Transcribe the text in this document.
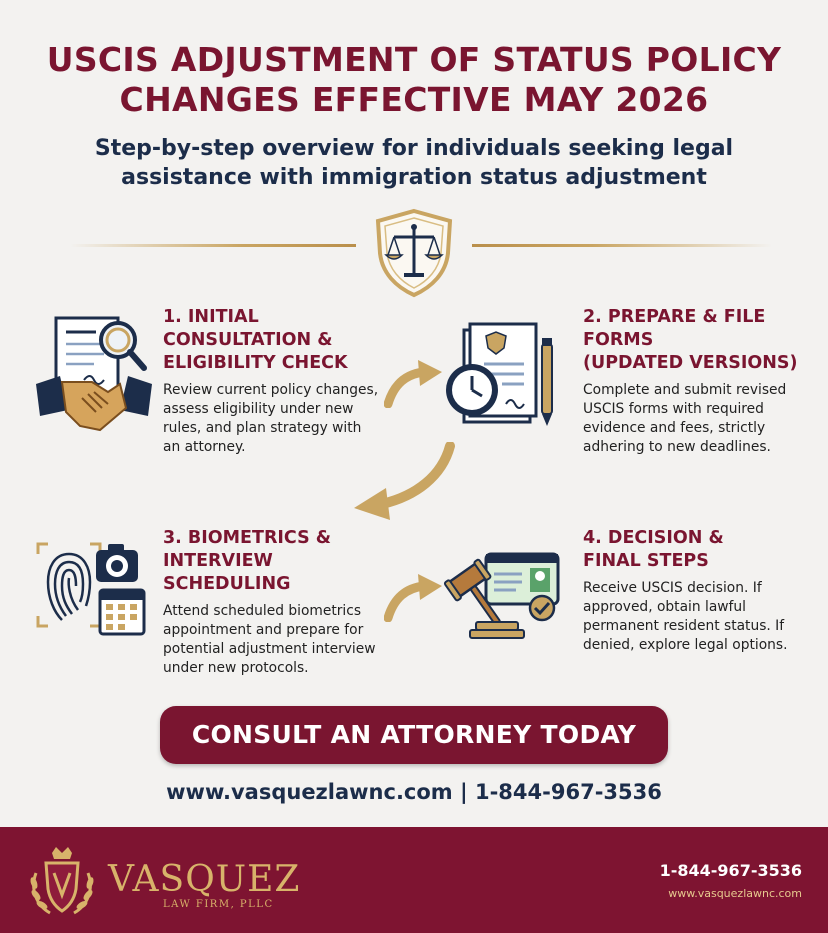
USCIS ADJUSTMENT OF STATUS POLICY
CHANGES EFFECTIVE MAY 2026
Step-by-step overview for individuals seeking legal
assistance with immigration status adjustment
1. INITIAL
CONSULTATION &
ELIGIBILITY CHECK
Review current policy changes,
assess eligibility under new
rules, and plan strategy with
an attorney.
2. PREPARE & FILE
FORMS
(UPDATED VERSIONS)
Complete and submit revised
USCIS forms with required
evidence and fees, strictly
adhering to new deadlines.
3. BIOMETRICS &
INTERVIEW SCHEDULING
Attend scheduled biometrics
appointment and prepare for
potential adjustment interview
under new protocols.
4. DECISION &
FINAL STEPS
Receive USCIS decision. If
approved, obtain lawful
permanent resident status. If
denied, explore legal options.
CONSULT AN ATTORNEY TODAY
www.vasquezlawnc.com | 1-844-967-3536
VASQUEZ
LAW FIRM, PLLC
1-844-967-3536
www.vasquezlawnc.com
